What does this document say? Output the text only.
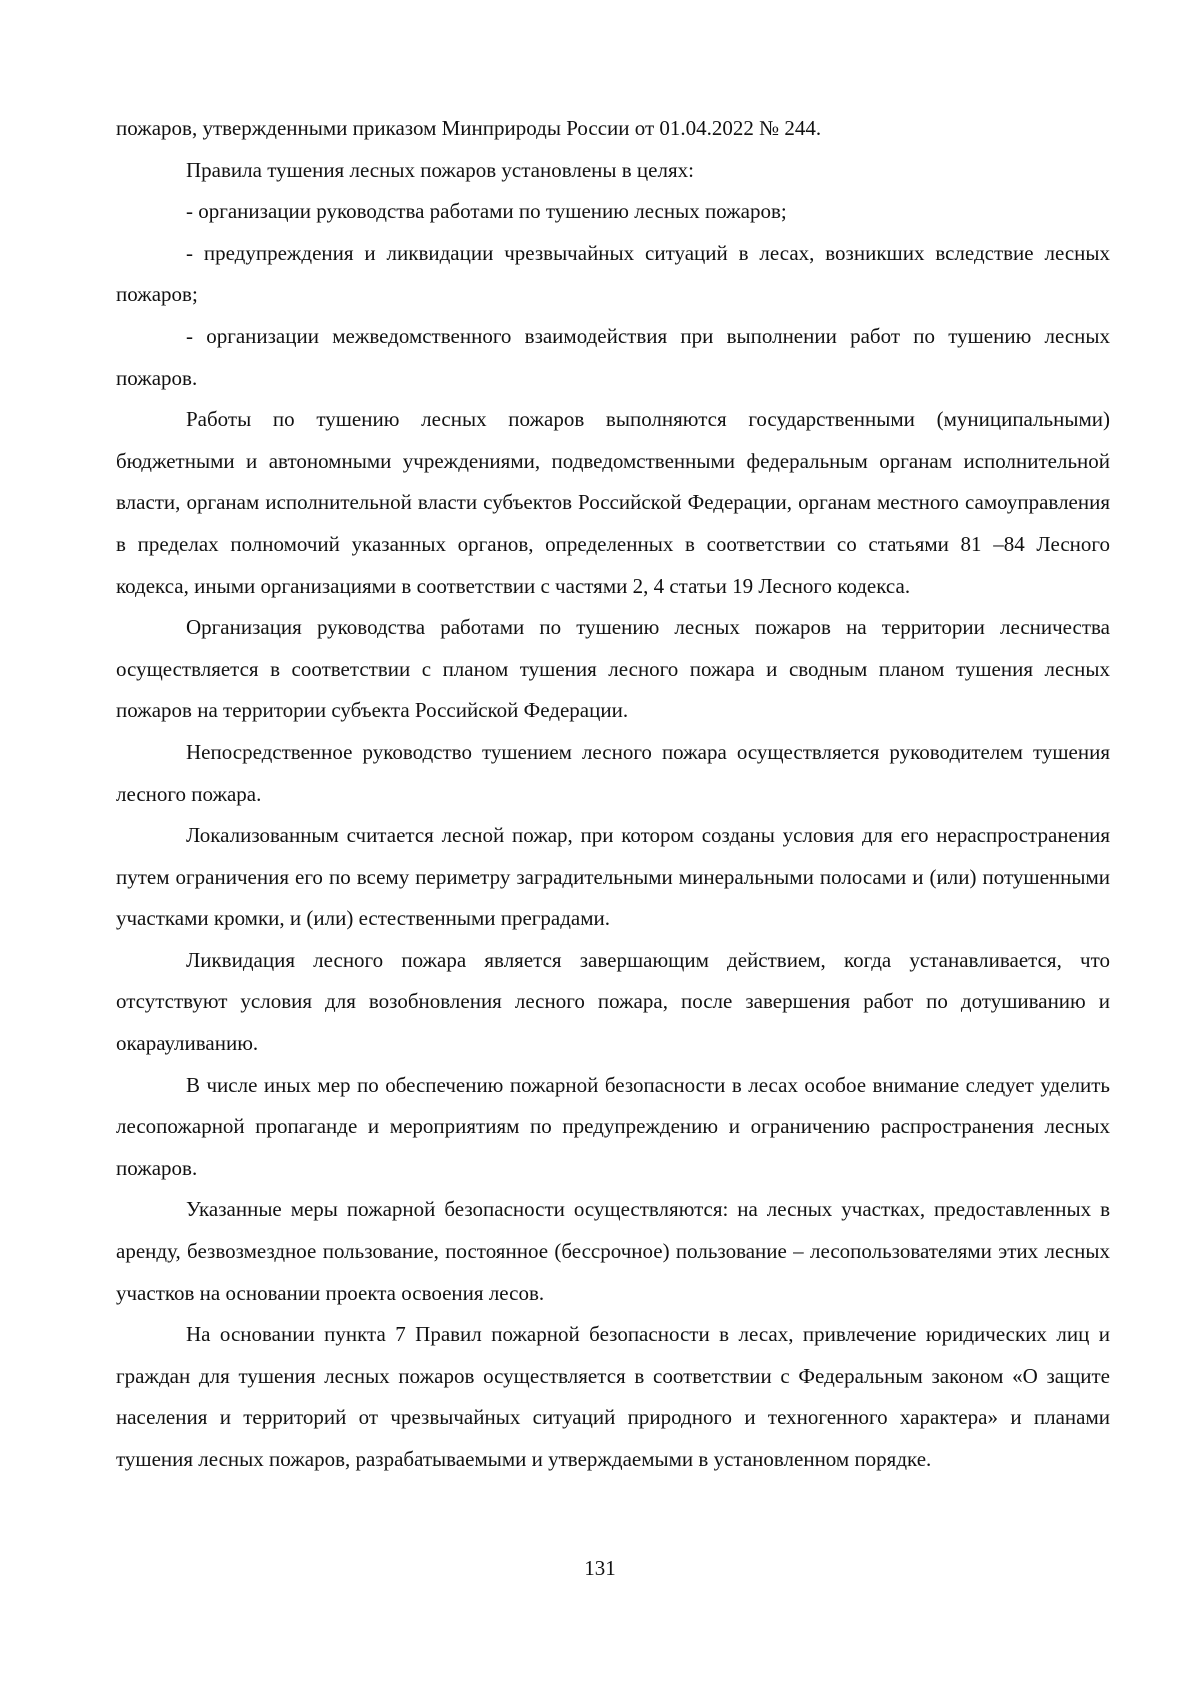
пожаров, утвержденными приказом Минприроды России от 01.04.2022 № 244.

Правила тушения лесных пожаров установлены в целях:

- организации руководства работами по тушению лесных пожаров;

- предупреждения и ликвидации чрезвычайных ситуаций в лесах, возникших вследствие лесных пожаров;

- организации межведомственного взаимодействия при выполнении работ по тушению лесных пожаров.

Работы по тушению лесных пожаров выполняются государственными (муниципальными) бюджетными и автономными учреждениями, подведомственными федеральным органам исполнительной власти, органам исполнительной власти субъектов Российской Федерации, органам местного самоуправления в пределах полномочий указанных органов, определенных в соответствии со статьями 81 –84 Лесного кодекса, иными организациями в соответствии с частями 2, 4 статьи 19 Лесного кодекса.

Организация руководства работами по тушению лесных пожаров на территории лесничества осуществляется в соответствии с планом тушения лесного пожара и сводным планом тушения лесных пожаров на территории субъекта Российской Федерации.

Непосредственное руководство тушением лесного пожара осуществляется руководителем тушения лесного пожара.

Локализованным считается лесной пожар, при котором созданы условия для его нераспространения путем ограничения его по всему периметру заградительными минеральными полосами и (или) потушенными участками кромки, и (или) естественными преградами.

Ликвидация лесного пожара является завершающим действием, когда устанавливается, что отсутствуют условия для возобновления лесного пожара, после завершения работ по дотушиванию и окарауливанию.

В числе иных мер по обеспечению пожарной безопасности в лесах особое внимание следует уделить лесопожарной пропаганде и мероприятиям по предупреждению и ограничению распространения лесных пожаров.

Указанные меры пожарной безопасности осуществляются: на лесных участках, предоставленных в аренду, безвозмездное пользование, постоянное (бессрочное) пользование – лесопользователями этих лесных участков на основании проекта освоения лесов.

На основании пункта 7 Правил пожарной безопасности в лесах, привлечение юридических лиц и граждан для тушения лесных пожаров осуществляется в соответствии с Федеральным законом «О защите населения и территорий от чрезвычайных ситуаций природного и техногенного характера» и планами тушения лесных пожаров, разрабатываемыми и утверждаемыми в установленном порядке.

131
